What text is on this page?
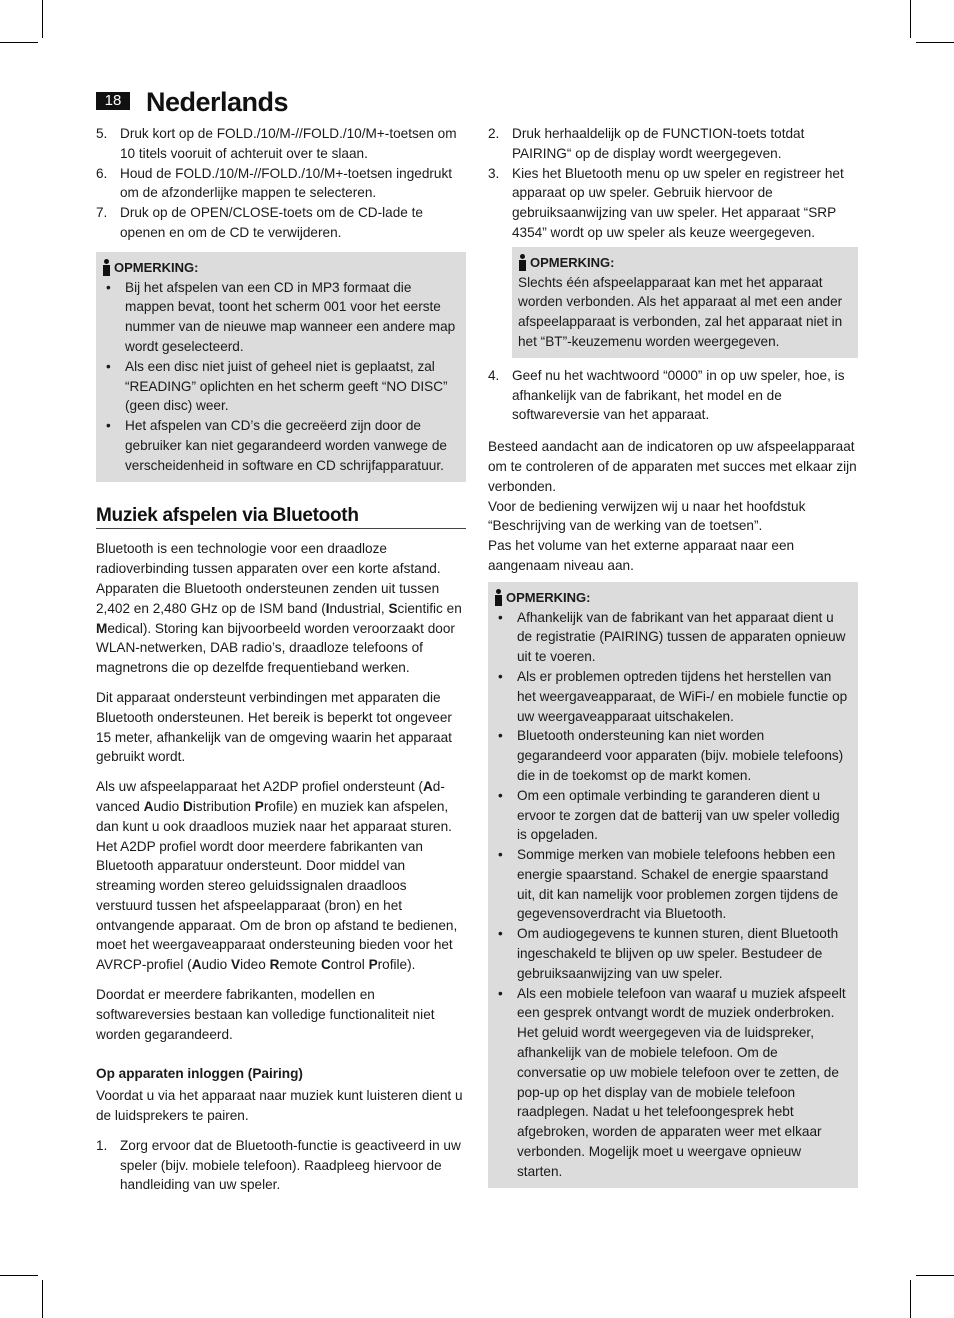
18 Nederlands
5. Druk kort op de FOLD./10/M-//FOLD./10/M+-toetsen om 10 titels vooruit of achteruit over te slaan.
6. Houd de FOLD./10/M-//FOLD./10/M+-toetsen ingedrukt om de afzonderlijke mappen te selecteren.
7. Druk op de OPEN/CLOSE-toets om de CD-lade te openen en om de CD te verwijderen.
OPMERKING:
• Bij het afspelen van een CD in MP3 formaat die mappen bevat, toont het scherm 001 voor het eerste nummer van de nieuwe map wanneer een andere map wordt geselecteerd.
• Als een disc niet juist of geheel niet is geplaatst, zal “READING” oplichten en het scherm geeft “NO DISC” (geen disc) weer.
• Het afspelen van CD’s die gecreëerd zijn door de gebruiker kan niet gegarandeerd worden vanwege de verscheidenheid in software en CD schrijfapparatuur.
Muziek afspelen via Bluetooth

Bluetooth is een technologie voor een draadloze radioverbinding tussen apparaten over een korte afstand. Apparaten die Bluetooth ondersteunen zenden uit tussen 2,402 en 2,480 GHz op de ISM band (Industrial, Scientific en Medical). Storing kan bijvoorbeeld worden veroorzaakt door WLAN-netwerken, DAB radio’s, draadloze telefoons of magnetrons die op dezelfde frequentieband werken.

Dit apparaat ondersteunt verbindingen met apparaten die Bluetooth ondersteunen. Het bereik is beperkt tot ongeveer 15 meter, afhankelijk van de omgeving waarin het apparaat gebruikt wordt.

Als uw afspeelapparaat het A2DP profiel ondersteunt (Ad-vanced Audio Distribution Profile) en muziek kan afspelen, dan kunt u ook draadloos muziek naar het apparaat sturen. Het A2DP profiel wordt door meerdere fabrikanten van Bluetooth apparatuur ondersteunt. Door middel van streaming worden stereo geluidssignalen draadloos verstuurd tussen het afspeelapparaat (bron) en het ontvangende apparaat. Om de bron op afstand te bedienen, moet het weergaveapparaat ondersteuning bieden voor het AVRCP-profiel (Audio Video Remote Control Profile).

Doordat er meerdere fabrikanten, modellen en softwareversies bestaan kan volledige functionaliteit niet worden gegarandeerd.

Op apparaten inloggen (Pairing)

Voordat u via het apparaat naar muziek kunt luisteren dient u de luidsprekers te pairen.

1. Zorg ervoor dat de Bluetooth-functie is geactiveerd in uw speler (bijv. mobiele telefoon). Raadpleeg hiervoor de handleiding van uw speler.
2. Druk herhaaldelijk op de FUNCTION-toets totdat PAIRING“ op de display wordt weergegeven.
3. Kies het Bluetooth menu op uw speler en registreer het apparaat op uw speler. Gebruik hiervoor de gebruiksaanwijzing van uw speler. Het apparaat “SRP 4354” wordt op uw speler als keuze weergegeven.
OPMERKING:
Slechts één afspeelapparaat kan met het apparaat worden verbonden. Als het apparaat al met een ander afspeelapparaat is verbonden, zal het apparaat niet in het “BT”-keuzemenu worden weergegeven.
4. Geef nu het wachtwoord “0000” in op uw speler, hoe, is afhankelijk van de fabrikant, het model en de softwareversie van het apparaat.

Besteed aandacht aan de indicatoren op uw afspeelapparaat om te controleren of de apparaten met succes met elkaar zijn verbonden.

Voor de bediening verwijzen wij u naar het hoofdstuk “Beschrijving van de werking van de toetsen”.

Pas het volume van het externe apparaat naar een aangenaam niveau aan.

OPMERKING:
• Afhankelijk van de fabrikant van het apparaat dient u de registratie (PAIRING) tussen de apparaten opnieuw uit te voeren.
• Als er problemen optreden tijdens het herstellen van het weergaveapparaat, de WiFi-/ en mobiele functie op uw weergaveapparaat uitschakelen.
• Bluetooth ondersteuning kan niet worden gegarandeerd voor apparaten (bijv. mobiele telefoons) die in de toekomst op de markt komen.
• Om een optimale verbinding te garanderen dient u ervoor te zorgen dat de batterij van uw speler volledig is opgeladen.
• Sommige merken van mobiele telefoons hebben een energie spaarstand. Schakel de energie spaarstand uit, dit kan namelijk voor problemen zorgen tijdens de gegevensoverdracht via Bluetooth.
• Om audiogegevens te kunnen sturen, dient Bluetooth ingeschakeld te blijven op uw speler. Bestudeer de gebruiksaanwijzing van uw speler.
• Als een mobiele telefoon van waaraf u muziek afspeelt een gesprek ontvangt wordt de muziek onderbroken. Het geluid wordt weergegeven via de luidspreker, afhankelijk van de mobiele telefoon. Om de conversatie op uw mobiele telefoon over te zetten, de pop-up op het display van de mobiele telefoon raadplegen. Nadat u het telefoongesprek hebt afgebroken, worden de apparaten weer met elkaar verbonden. Mogelijk moet u weergave opnieuw starten.
